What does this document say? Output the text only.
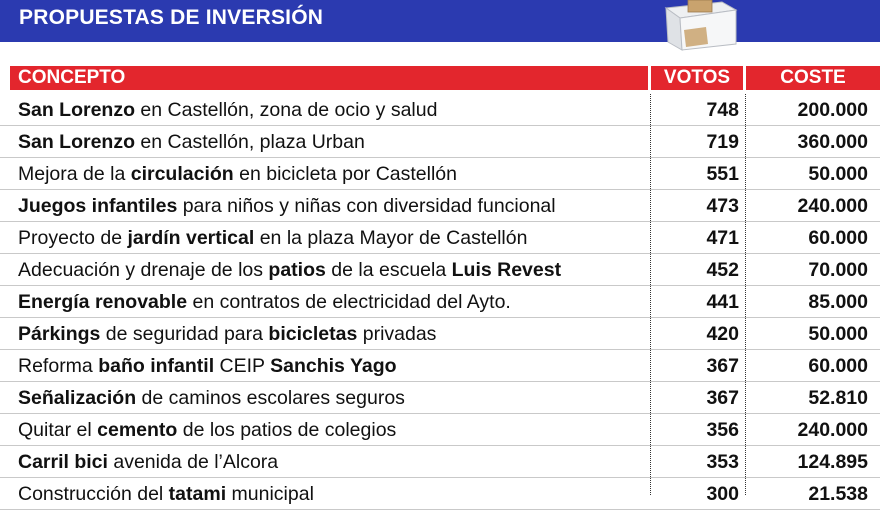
PROPUESTAS DE INVERSIÓN
CONCEPTO	VOTOS	COSTE
San Lorenzo en Castellón, zona de ocio y salud	748	200.000
San Lorenzo en Castellón, plaza Urban	719	360.000
Mejora de la circulación en bicicleta por Castellón	551	50.000
Juegos infantiles para niños y niñas con diversidad funcional	473	240.000
Proyecto de jardín vertical en la plaza Mayor de Castellón	471	60.000
Adecuación y drenaje de los patios de la escuela Luis Revest	452	70.000
Energía renovable en contratos de electricidad del Ayto.	441	85.000
Párkings de seguridad para bicicletas privadas	420	50.000
Reforma baño infantil CEIP Sanchis Yago	367	60.000
Señalización de caminos escolares seguros	367	52.810
Quitar el cemento de los patios de colegios	356	240.000
Carril bici avenida de l’Alcora	353	124.895
Construcción del tatami municipal	300	21.538
